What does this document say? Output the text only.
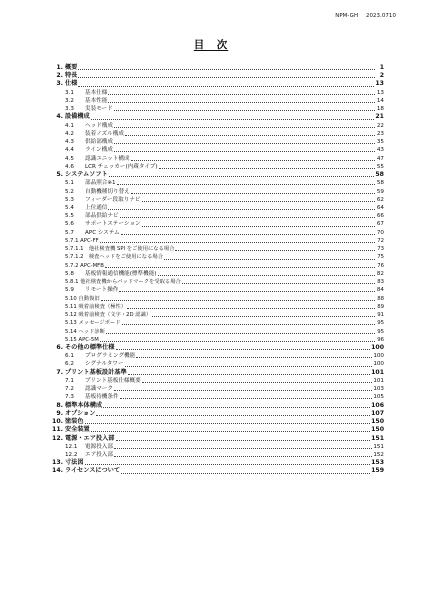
NPM-GH 2023.0710
目　次
1. 概要	1
2. 特長	2
3. 仕様	13
3.1	基本仕様	13
3.2	基本性能	14
3.3	実装モード	18
4. 設備構成	21
4.1	ヘッド構成	22
4.2	装着ノズル構成	23
4.3	供給部構成	35
4.4	ライン構成	43
4.5	認識ユニット構成	47
4.6	LCR チェッカー(内蔵タイプ)	55
5. システムソフト	58
5.1	部品照合※1	58
5.2	自動機種切り替え	59
5.3	フィーダー段取りナビ	62
5.4	上位通信	64
5.5	部品供給ナビ	66
5.6	サポートステーション	67
5.7	APC システム	70
5.7.1 APC-FF	72
5.7.1.1　他社検査機 SPI をご使用になる場合	73
5.7.1.2　検査ヘッドをご使用になる場合	75
5.7.2 APC-MFB	76
5.8	基板情報通信機能(標準機能)	82
5.8.1 他社検査機からバッドマークを受取る場合	83
5.9	リモート操作	84
5.10 自動復旧	88
5.11 吸着前検査（極性）	89
5.12 吸着前検査（文字・2D 認識）	91
5.13 メッセージボード	95
5.14 ヘッド診断	95
5.15 APC-5M	96
6. その他の標準仕様	100
6.1	プログラミング機能	100
6.2	シグナルタワー	100
7. プリント基板設計基準	101
7.1	プリント基板仕様概要	101
7.2	認識マーク	103
7.3	基板待機条件	105
8. 標準本体構成	106
9. オプション	107
10. 塗装色	150
11. 安全装置	150
12. 電源・エア投入部	151
12.1	電源投入部	151
12.2	エア投入部	152
13. 寸法図	153
14. ライセンスについて	159
